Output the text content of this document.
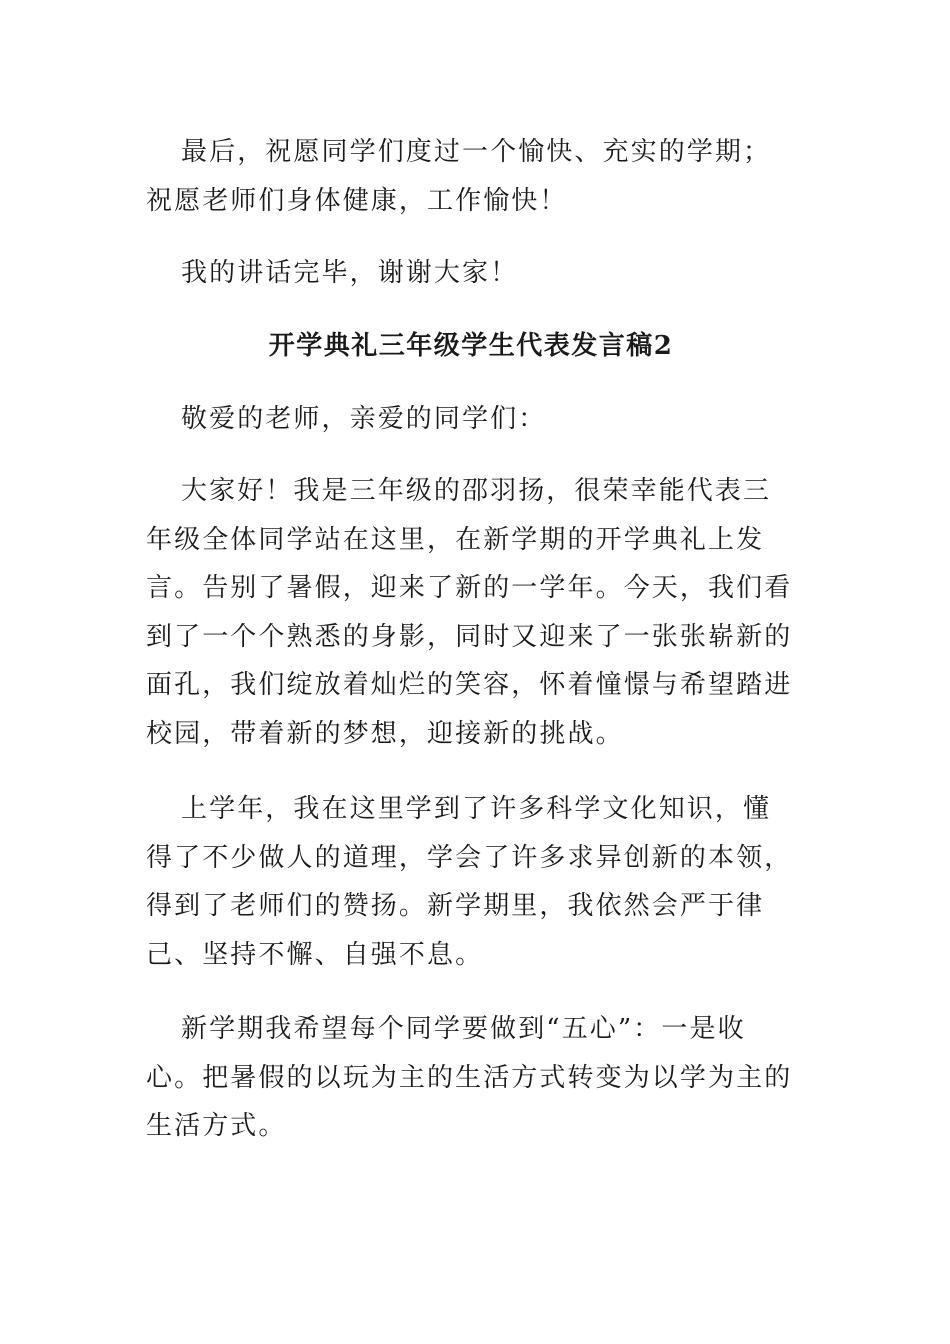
最后，祝愿同学们度过一个愉快、充实的学期；祝愿老师们身体健康，工作愉快！

我的讲话完毕，谢谢大家！

开学典礼三年级学生代表发言稿2

敬爱的老师，亲爱的同学们：

大家好！我是三年级的邵羽扬，很荣幸能代表三年级全体同学站在这里，在新学期的开学典礼上发言。告别了暑假，迎来了新的一学年。今天，我们看到了一个个熟悉的身影，同时又迎来了一张张崭新的面孔，我们绽放着灿烂的笑容，怀着憧憬与希望踏进校园，带着新的梦想，迎接新的挑战。

上学年，我在这里学到了许多科学文化知识，懂得了不少做人的道理，学会了许多求异创新的本领，得到了老师们的赞扬。新学期里，我依然会严于律己、坚持不懈、自强不息。

新学期我希望每个同学要做到“五心”：一是收心。把暑假的以玩为主的生活方式转变为以学为主的生活方式。
